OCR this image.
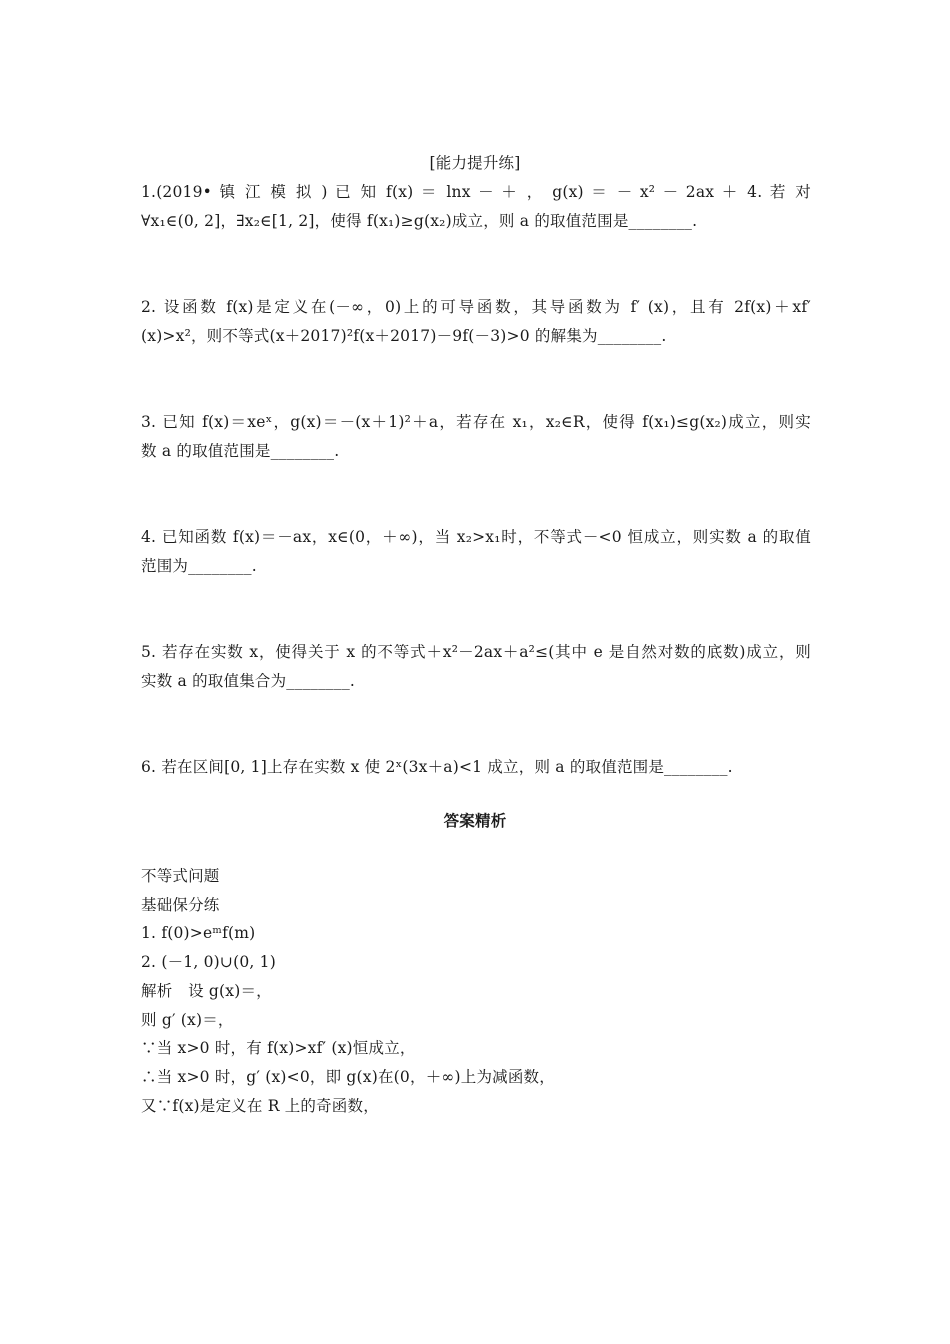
[能力提升练]
1.(2019• 镇 江 模 拟 ) 已 知 f(x) ＝ lnx － ＋ ， g(x) ＝ － x² － 2ax ＋ 4. 若 对
∀x₁∈(0, 2]，∃x₂∈[1, 2]，使得 f(x₁)≥g(x₂)成立，则 a 的取值范围是________.
2. 设函数 f(x)是定义在(－∞，0)上的可导函数，其导函数为 f′ (x)，且有 2f(x)＋xf′
(x)>x²，则不等式(x＋2017)²f(x＋2017)－9f(－3)>0 的解集为________.
3. 已知 f(x)＝xeˣ，g(x)＝－(x＋1)²＋a，若存在 x₁，x₂∈R，使得 f(x₁)≤g(x₂)成立，则实
数 a 的取值范围是________.
4. 已知函数 f(x)＝－ax，x∈(0，＋∞)，当 x₂>x₁时，不等式－<0 恒成立，则实数 a 的取值
范围为________.
5. 若存在实数 x，使得关于 x 的不等式＋x²－2ax＋a²≤(其中 e 是自然对数的底数)成立，则
实数 a 的取值集合为________.
6. 若在区间[0, 1]上存在实数 x 使 2ˣ(3x＋a)<1 成立，则 a 的取值范围是________.
答案精析
不等式问题
基础保分练
1. f(0)>eᵐf(m)
2. (－1, 0)∪(0, 1)
解析　设 g(x)＝，
则 g′ (x)＝，
∵当 x>0 时，有 f(x)>xf′ (x)恒成立，
∴当 x>0 时，g′ (x)<0，即 g(x)在(0，＋∞)上为减函数，
又∵f(x)是定义在 R 上的奇函数，
